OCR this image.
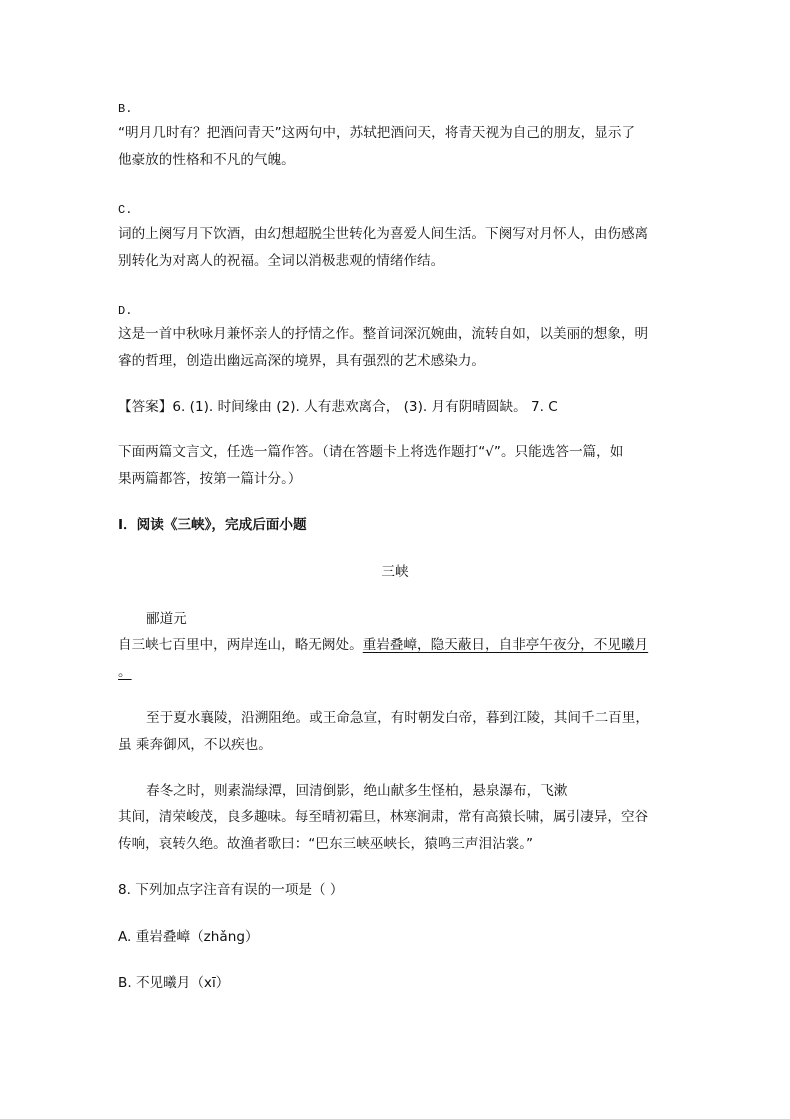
B.
“明月几时有？把酒问青天”这两句中，苏轼把酒问天，将青天视为自己的朋友，显示了
他豪放的性格和不凡的气魄。
C.
词的上阕写月下饮酒，由幻想超脱尘世转化为喜爱人间生活。下阕写对月怀人，由伤感离
别转化为对离人的祝福。全词以消极悲观的情绪作结。
D.
这是一首中秋咏月兼怀亲人的抒情之作。整首词深沉婉曲，流转自如，以美丽的想象，明
睿的哲理，创造出幽远高深的境界，具有强烈的艺术感染力。
【答案】6. (1). 时间缘由 (2). 人有悲欢离合， (3). 月有阴晴圆缺。 7. C
下面两篇文言文，任选一篇作答。（请在答题卡上将选作题打“√”。只能选答一篇，如
果两篇都答，按第一篇计分。）
Ⅰ．阅读《三峡》，完成后面小题
三峡
郦道元
自三峡七百里中，两岸连山，略无阙处。重岩叠嶂，隐天蔽日，自非亭午夜分，不见曦月
。
至于夏水襄陵，沿溯阻绝。或王命急宣，有时朝发白帝，暮到江陵，其间千二百里，
虽 乘奔御风，不以疾也。
春冬之时，则素湍绿潭，回清倒影，绝山献多生怪柏，悬泉瀑布，飞漱
其间，清荣峻茂，良多趣味。每至晴初霜旦，林寒涧肃，常有高猿长啸，属引凄异，空谷
传响，哀转久绝。故渔者歌曰：“巴东三峡巫峡长，猿鸣三声泪沾裳。”
8. 下列加点字注音有误的一项是（ ）
A. 重岩叠嶂（zhǎng）
B. 不见曦月（xī）
